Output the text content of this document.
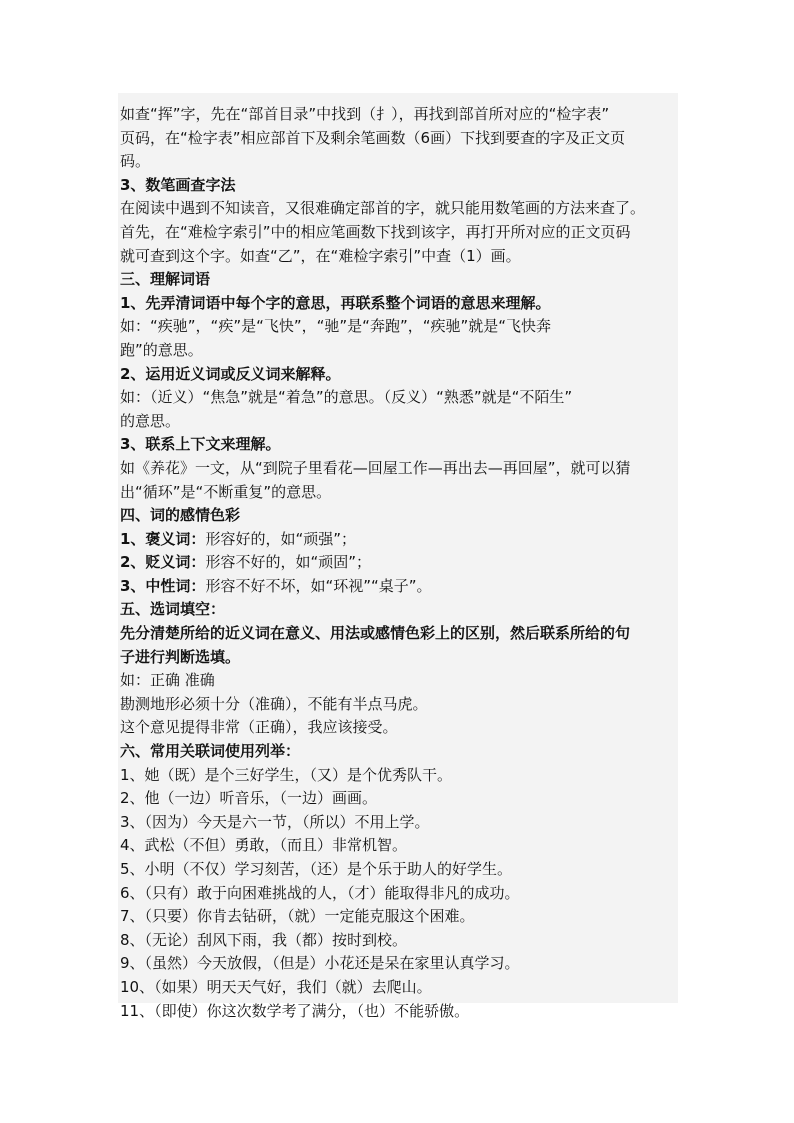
如查“挥”字，先在“部首目录”中找到（扌），再找到部首所对应的“检字表”
页码，在“检字表”相应部首下及剩余笔画数（6画）下找到要查的字及正文页
码。
3、数笔画查字法
在阅读中遇到不知读音，又很难确定部首的字，就只能用数笔画的方法来查了。
首先，在“难检字索引”中的相应笔画数下找到该字，再打开所对应的正文页码
就可查到这个字。如查“乙”，在“难检字索引”中查（1）画。
三、理解词语
1、先弄清词语中每个字的意思，再联系整个词语的意思来理解。
如：“疾驰”，“疾”是“飞快”，“驰”是“奔跑”，“疾驰”就是“飞快奔
跑”的意思。
2、运用近义词或反义词来解释。
如：（近义）“焦急”就是“着急”的意思。（反义）“熟悉”就是“不陌生”
的意思。
3、联系上下文来理解。
如《养花》一文，从“到院子里看花—回屋工作—再出去—再回屋”，就可以猜
出“循环”是“不断重复”的意思。
四、词的感情色彩
1、褒义词：形容好的，如“顽强”；
2、贬义词：形容不好的，如“顽固”；
3、中性词：形容不好不坏，如“环视”“桌子”。
五、选词填空：
先分清楚所给的近义词在意义、用法或感情色彩上的区别，然后联系所给的句
子进行判断选填。
如：正确 准确
勘测地形必须十分（准确），不能有半点马虎。
这个意见提得非常（正确），我应该接受。
六、常用关联词使用列举：
1、她（既）是个三好学生，（又）是个优秀队干。
2、他（一边）听音乐，（一边）画画。
3、（因为）今天是六一节，（所以）不用上学。
4、武松（不但）勇敢，（而且）非常机智。
5、小明（不仅）学习刻苦，（还）是个乐于助人的好学生。
6、（只有）敢于向困难挑战的人，（才）能取得非凡的成功。
7、（只要）你肯去钻研，（就）一定能克服这个困难。
8、（无论）刮风下雨，我（都）按时到校。
9、（虽然）今天放假，（但是）小花还是呆在家里认真学习。
10、（如果）明天天气好，我们（就）去爬山。
11、（即使）你这次数学考了满分，（也）不能骄傲。
